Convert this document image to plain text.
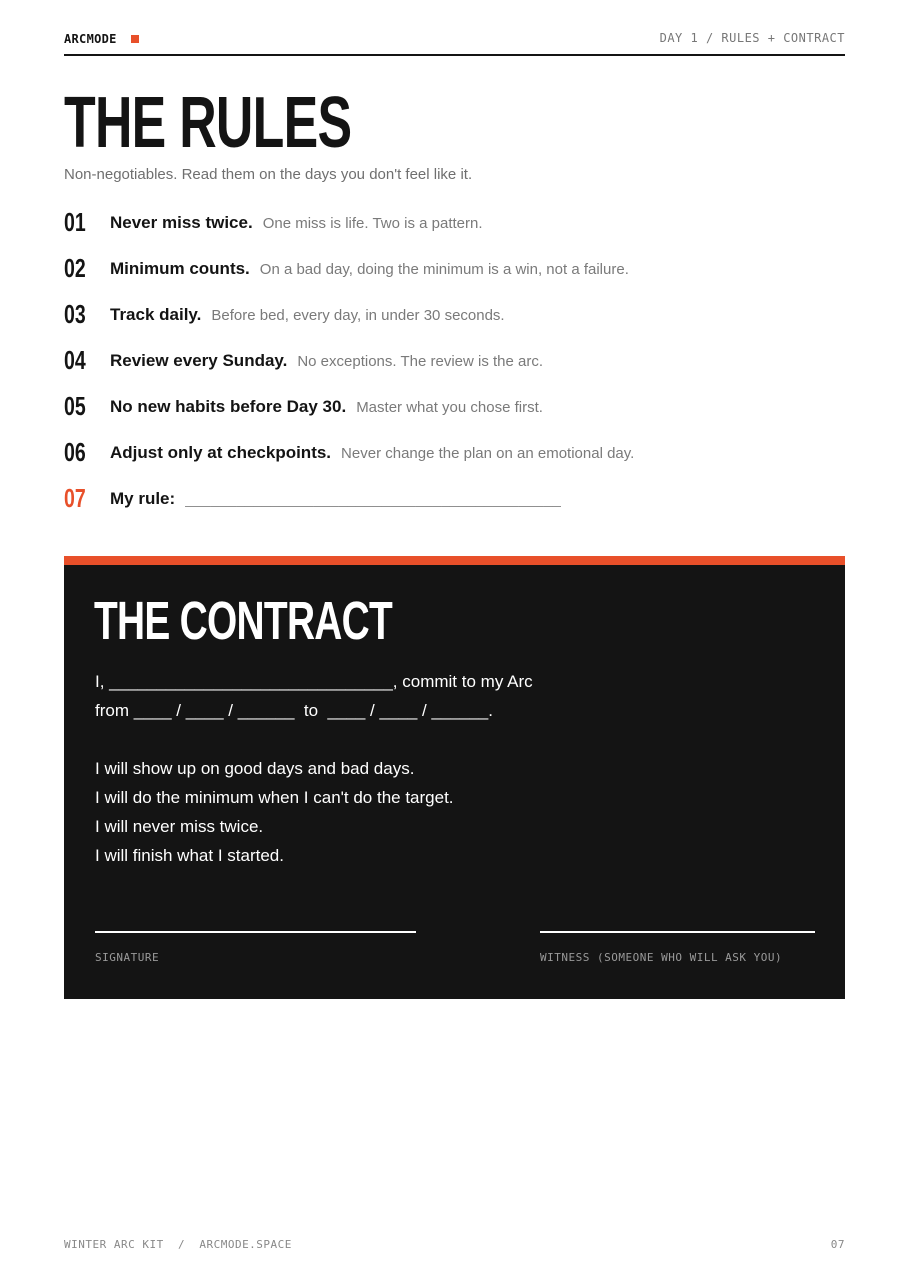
ARCMODE	DAY 1 / RULES + CONTRACT
THE RULES
Non-negotiables. Read them on the days you don't feel like it.
01	Never miss twice. One miss is life. Two is a pattern.
02	Minimum counts. On a bad day, doing the minimum is a win, not a failure.
03	Track daily. Before bed, every day, in under 30 seconds.
04	Review every Sunday. No exceptions. The review is the arc.
05	No new habits before Day 30. Master what you chose first.
06	Adjust only at checkpoints. Never change the plan on an emotional day.
07	My rule: ____________________________________________
THE CONTRACT

I, ______________________________, commit to my Arc

from ____ / ____ / ______  to  ____ / ____ / ______.

I will show up on good days and bad days.

I will do the minimum when I can't do the target.

I will never miss twice.

I will finish what I started.

SIGNATURE	WITNESS (SOMEONE WHO WILL ASK YOU)
WINTER ARC KIT  /  ARCMODE.SPACE	07
